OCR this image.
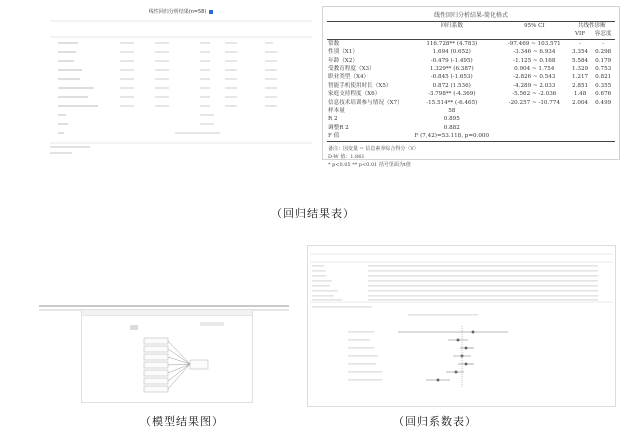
线性回归分析结果(n=58)	线性回归分析结果-简化格式
	回归系数	95% CI	共线性诊断	
			VIF	容忍度
常数	116.728** (4.783)	-97.469 ~ 103.571	-	-
性别（X1）	1.694 (0.652)	-3.346 ~ 6.934	3.354	0.298
年龄（X2）	-0.479 (-1.495)	-1.125 ~ 0.168	5.584	0.179
受教育程度（X3）	1.329** (6.387)	0.904 ~ 1.754	1.329	0.753
职业类型（X4）	-0.845 (-1.653)	-2.826 ~ 0.543	1.217	0.821
智能手机使用时长（X5）	0.872 (1.536)	-4.289 ~ 2.033	2.851	0.355
家庭支持程度（X6）	-3.798** (-4.369)	-5.562 ~ -2.036	1.48	0.676
信息技术培训参与情况（X7）	-15.514** (-6.465)	-20.257 ~ -10.774	2.004	0.499
样本量	58			
R 2	0.895			
调整R 2	0.882			
F 值	F (7,42)=53.118, p=0.000			
备注：因变量 = 信息素养综合得分（Y）
D-W 值：1.861
* p<0.05 ** p<0.01 括号里面为t值
（回归结果表）
（模型结果图）	（回归系数表）
